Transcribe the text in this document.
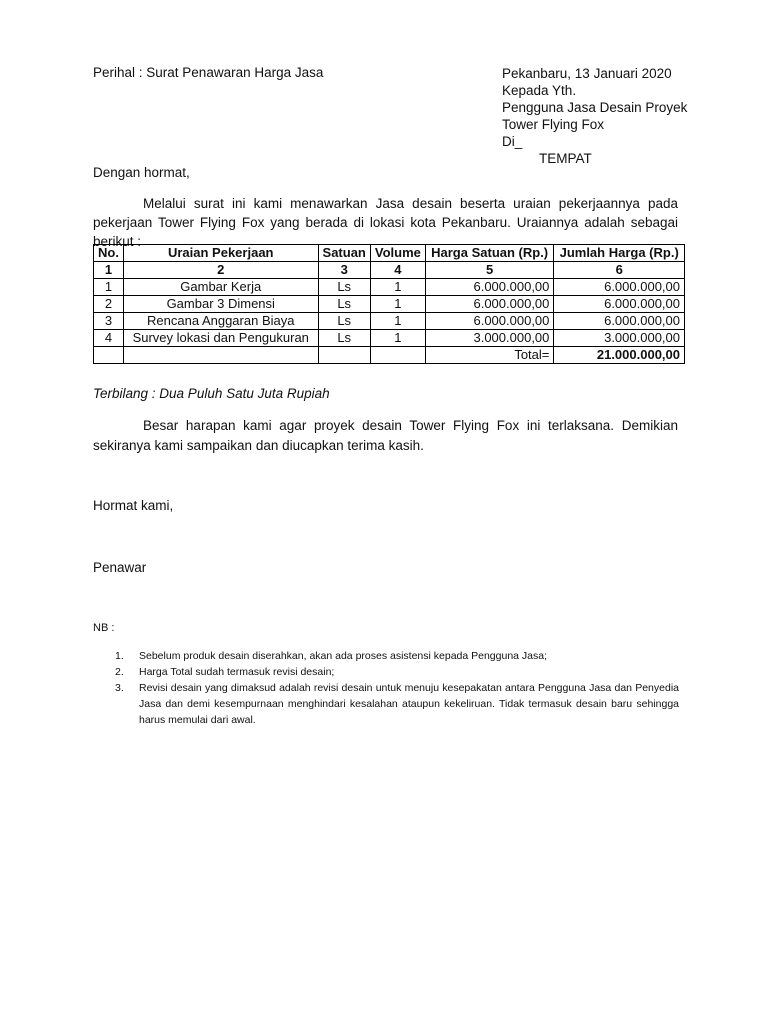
Perihal : Surat Penawaran Harga Jasa	Pekanbaru, 13 Januari 2020
Kepada Yth.
Pengguna Jasa Desain Proyek
Tower Flying Fox
Di_
TEMPAT
Dengan hormat,
Melalui surat ini kami menawarkan Jasa desain beserta uraian pekerjaannya pada pekerjaan Tower Flying Fox yang berada di lokasi kota Pekanbaru. Uraiannya adalah sebagai berikut :
No.	Uraian Pekerjaan	Satuan	Volume	Harga Satuan (Rp.)	Jumlah Harga (Rp.)
1	2	3	4	5	6
1	Gambar Kerja	Ls	1	6.000.000,00	6.000.000,00
2	Gambar 3 Dimensi	Ls	1	6.000.000,00	6.000.000,00
3	Rencana Anggaran Biaya	Ls	1	6.000.000,00	6.000.000,00
4	Survey lokasi dan Pengukuran	Ls	1	3.000.000,00	3.000.000,00
				Total=	21.000.000,00
Terbilang : Dua Puluh Satu Juta Rupiah
Besar harapan kami agar proyek desain Tower Flying Fox ini terlaksana. Demikian sekiranya kami sampaikan dan diucapkan terima kasih.
Hormat kami,
Penawar
NB :
1. Sebelum produk desain diserahkan, akan ada proses asistensi kepada Pengguna Jasa;
2. Harga Total sudah termasuk revisi desain;
3. Revisi desain yang dimaksud adalah revisi desain untuk menuju kesepakatan antara Pengguna Jasa dan Penyedia Jasa dan demi kesempurnaan menghindari kesalahan ataupun kekeliruan. Tidak termasuk desain baru sehingga harus memulai dari awal.
